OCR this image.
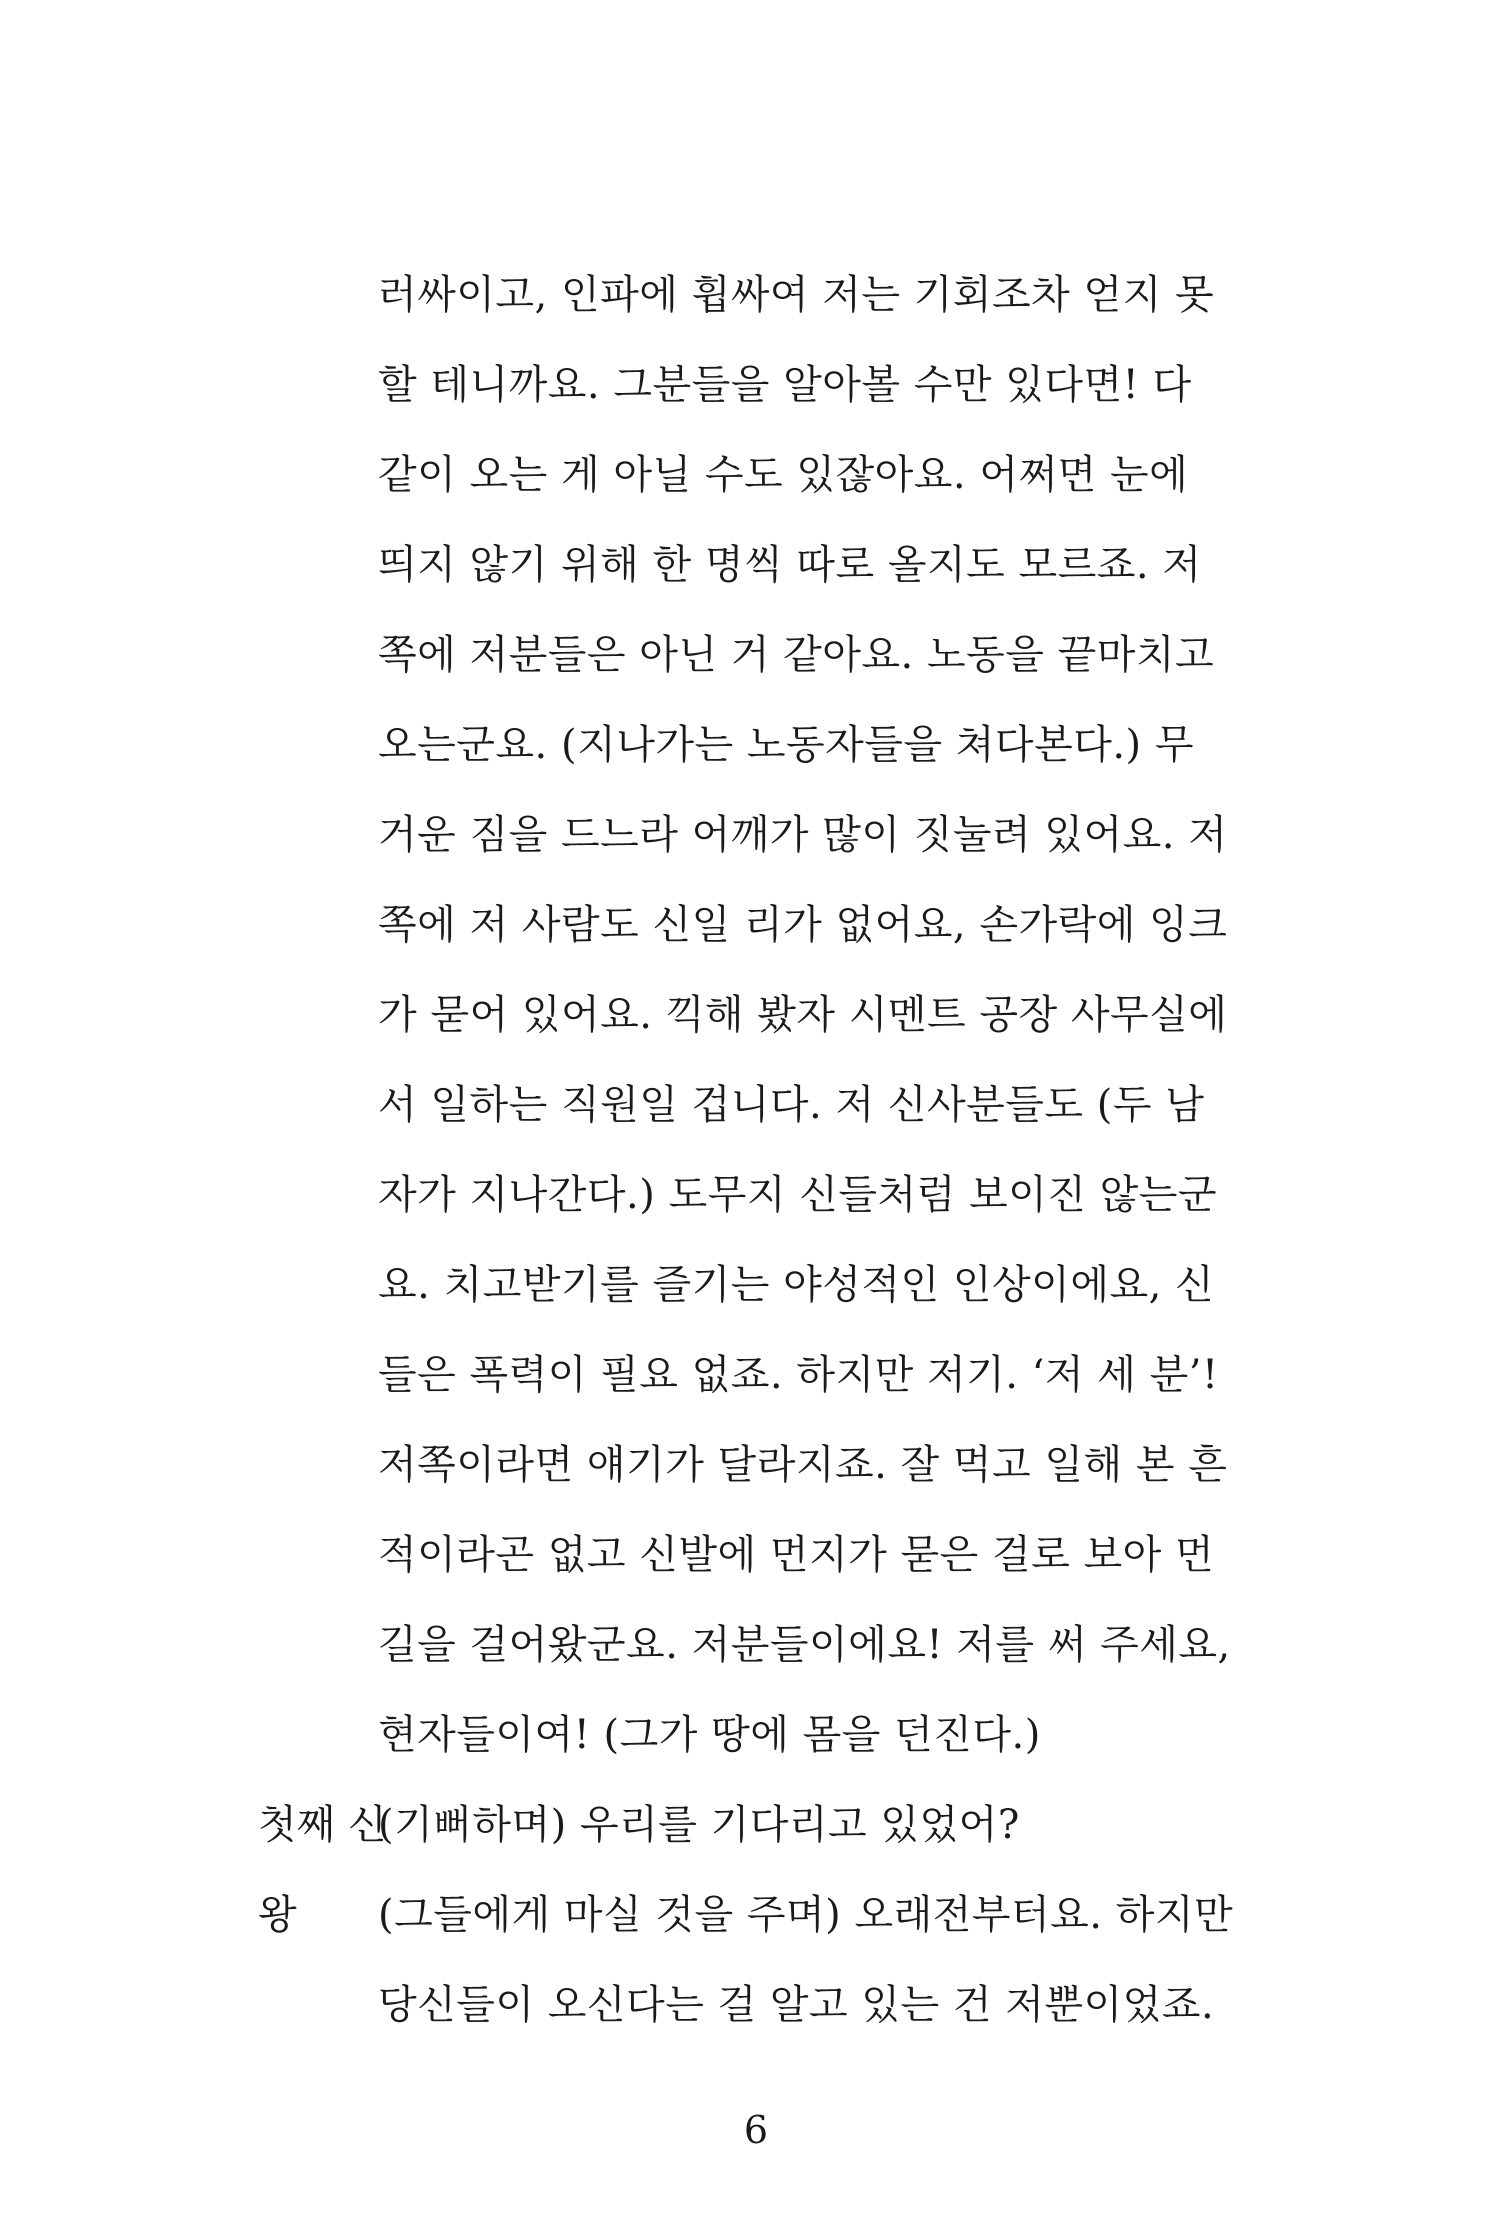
러싸이고, 인파에 휩싸여 저는 기회조차 얻지 못
할 테니까요. 그분들을 알아볼 수만 있다면! 다
같이 오는 게 아닐 수도 있잖아요. 어쩌면 눈에
띄지 않기 위해 한 명씩 따로 올지도 모르죠. 저
쪽에 저분들은 아닌 거 같아요. 노동을 끝마치고
오는군요. (지나가는 노동자들을 쳐다본다.) 무
거운 짐을 드느라 어깨가 많이 짓눌려 있어요. 저
쪽에 저 사람도 신일 리가 없어요, 손가락에 잉크
가 묻어 있어요. 끽해 봤자 시멘트 공장 사무실에
서 일하는 직원일 겁니다. 저 신사분들도 (두 남
자가 지나간다.) 도무지 신들처럼 보이진 않는군
요. 치고받기를 즐기는 야성적인 인상이에요, 신
들은 폭력이 필요 없죠. 하지만 저기. ‘저 세 분’!
저쪽이라면 얘기가 달라지죠. 잘 먹고 일해 본 흔
적이라곤 없고 신발에 먼지가 묻은 걸로 보아 먼
길을 걸어왔군요. 저분들이에요! 저를 써 주세요,
현자들이여! (그가 땅에 몸을 던진다.)
첫째 신
(기뻐하며) 우리를 기다리고 있었어?
왕 (그들에게 마실 것을 주며) 오래전부터요. 하지만
당신들이 오신다는 걸 알고 있는 건 저뿐이었죠.
6
